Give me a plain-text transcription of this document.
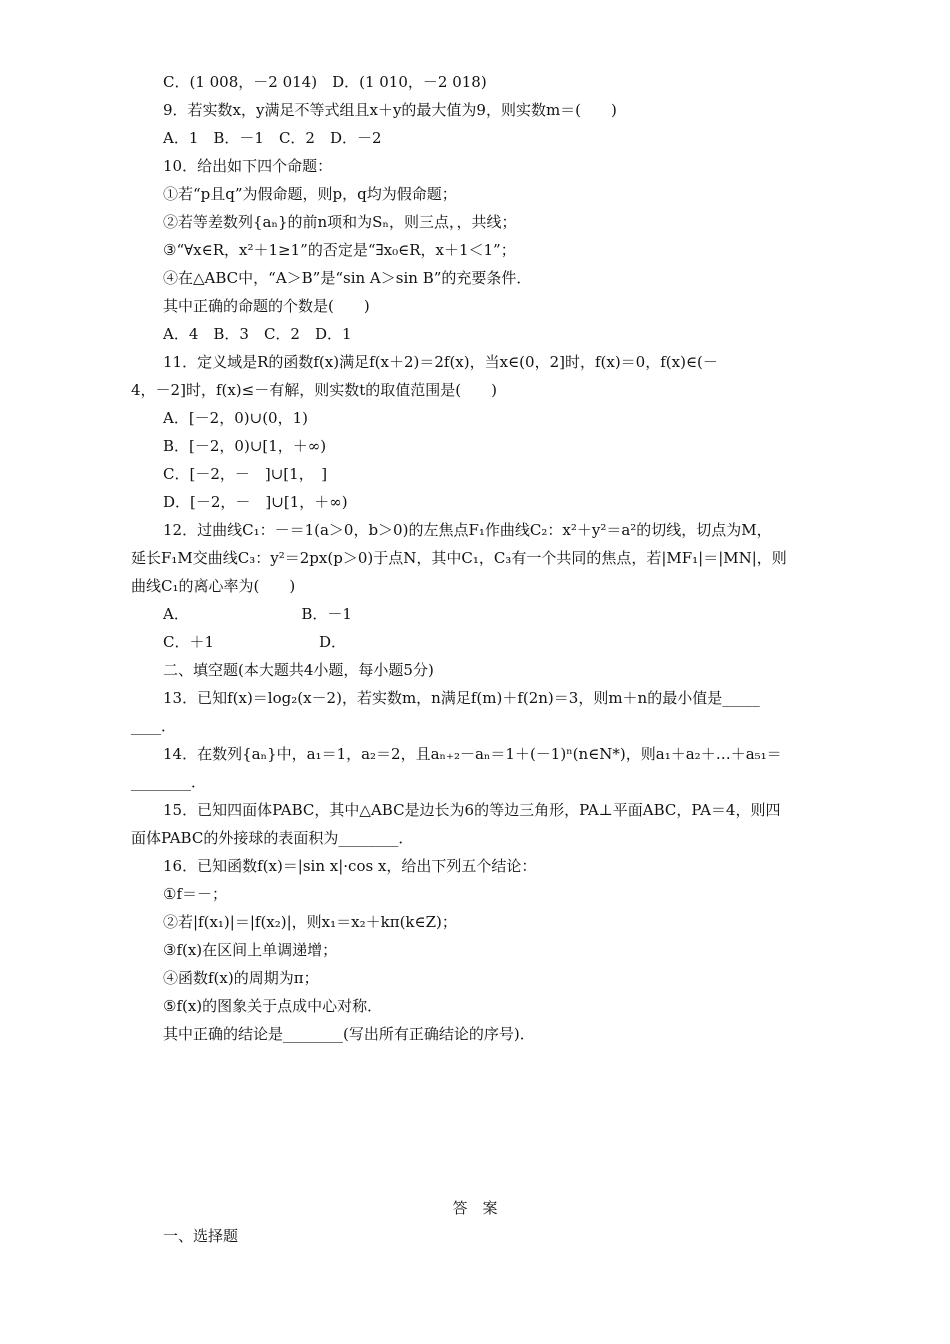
C．(1 008，－2 014)　D．(1 010，－2 018)
9．若实数x，y满足不等式组且x＋y的最大值为9，则实数m＝(　　)
A．1　B．－1　C．2　D．－2
10．给出如下四个命题：
①若“p且q”为假命题，则p，q均为假命题；
②若等差数列{aₙ}的前n项和为Sₙ，则三点，，共线；
③“∀x∈R，x²＋1≥1”的否定是“∃x₀∈R，x＋1＜1”；
④在△ABC中，“A＞B”是“sin A＞sin B”的充要条件．
其中正确的命题的个数是(　　)
A．4　B．3　C．2　D．1
11．定义域是R的函数f(x)满足f(x＋2)＝2f(x)，当x∈(0，2]时，f(x)＝0，f(x)∈(－
4，－2]时，f(x)≤－有解，则实数t的取值范围是(　　)
A．[－2，0)∪(0，1)
B．[－2，0)∪[1，＋∞)
C．[－2，－　]∪[1，　]
D．[－2，－　]∪[1，＋∞)
12．过曲线C₁：－＝1(a＞0，b＞0)的左焦点F₁作曲线C₂：x²＋y²＝a²的切线，切点为M，
延长F₁M交曲线C₃：y²＝2px(p＞0)于点N，其中C₁，C₃有一个共同的焦点，若|MF₁|＝|MN|，则
曲线C₁的离心率为(　　)
A．　　　　　　　　B．－1
C．＋1　　　　　　　D．
二、填空题(本大题共4小题，每小题5分)
13．已知f(x)＝log₂(x－2)，若实数m，n满足f(m)＋f(2n)＝3，则m＋n的最小值是_____
____．
14．在数列{aₙ}中，a₁＝1，a₂＝2，且aₙ₊₂－aₙ＝1＋(－1)ⁿ(n∈N*)，则a₁＋a₂＋…＋a₅₁＝
________．
15．已知四面体PABC，其中△ABC是边长为6的等边三角形，PA⊥平面ABC，PA＝4，则四
面体PABC的外接球的表面积为________．
16．已知函数f(x)＝|sin x|·cos x，给出下列五个结论：
①f＝－；
②若|f(x₁)|＝|f(x₂)|，则x₁＝x₂＋kπ(k∈Z)；
③f(x)在区间上单调递增；
④函数f(x)的周期为π；
⑤f(x)的图象关于点成中心对称．
其中正确的结论是________(写出所有正确结论的序号)．
答　案
一、选择题
